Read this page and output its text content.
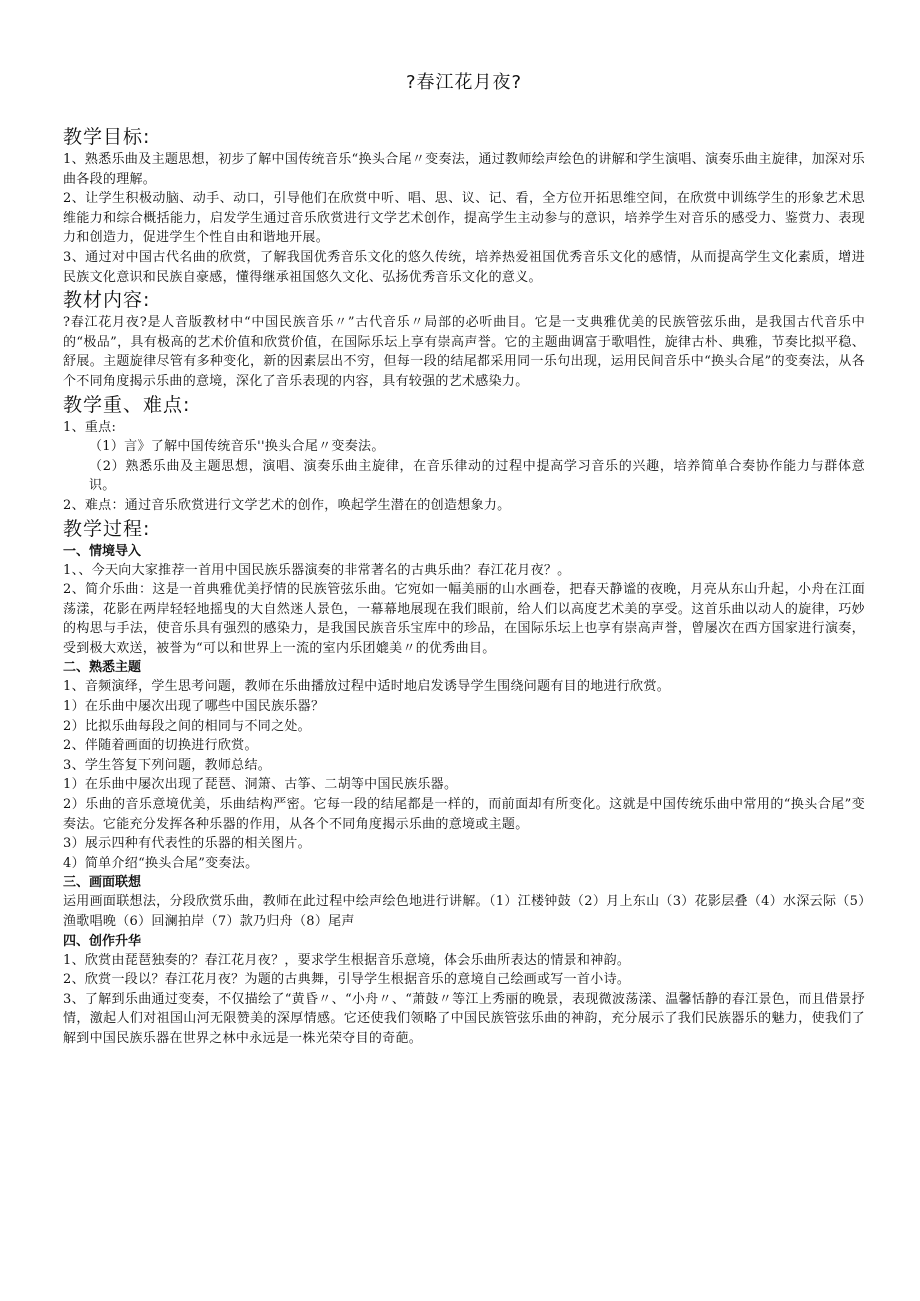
?春江花月夜?
教学目标:
1、熟悉乐曲及主题思想，初步了解中国传统音乐“换头合尾〃变奏法，通过教师绘声绘色的讲解和学生演唱、演奏乐曲主旋律，加深对乐曲各段的理解。
2、让学生积极动脑、动手、动口，引导他们在欣赏中听、唱、思、议、记、看，全方位开拓思维空间，在欣赏中训练学生的形象艺术思维能力和综合概括能力，启发学生通过音乐欣赏进行文学艺术创作，提高学生主动参与的意识，培养学生对音乐的感受力、鉴赏力、表现力和创造力，促进学生个性自由和谐地开展。
3、通过对中国古代名曲的欣赏，了解我国优秀音乐文化的悠久传统，培养热爱祖国优秀音乐文化的感情，从而提高学生文化素质，增进民族文化意识和民族自豪感，懂得继承祖国悠久文化、弘扬优秀音乐文化的意义。
教材内容:
?春江花月夜?是人音版教材中“中国民族音乐〃”古代音乐〃局部的必听曲目。它是一支典雅优美的民族管弦乐曲，是我国古代音乐中的“极品”，具有极高的艺术价值和欣赏价值，在国际乐坛上享有崇高声誉。它的主题曲调富于歌唱性，旋律古朴、典雅，节奏比拟平稳、舒展。主题旋律尽管有多种变化，新的因素层出不穷，但每一段的结尾都采用同一乐句出现，运用民间音乐中“换头合尾”的变奏法，从各个不同角度揭示乐曲的意境，深化了音乐表现的内容，具有较强的艺术感染力。
教学重、难点:
1、重点:
（1）言》了解中国传统音乐''换头合尾〃变奏法。
（2）熟悉乐曲及主题思想，演唱、演奏乐曲主旋律，在音乐律动的过程中提高学习音乐的兴趣，培养简单合奏协作能力与群体意识。
2、难点：通过音乐欣赏进行文学艺术的创作，唤起学生潜在的创造想象力。
教学过程:
一、情境导入
1、、今天向大家推荐一首用中国民族乐器演奏的非常著名的古典乐曲？春江花月夜？。
2、简介乐曲：这是一首典雅优美抒情的民族管弦乐曲。它宛如一幅美丽的山水画卷，把春天静谧的夜晚，月亮从东山升起，小舟在江面荡漾，花影在两岸轻轻地摇曳的大自然迷人景色，一幕幕地展现在我们眼前，给人们以高度艺术美的享受。这首乐曲以动人的旋律，巧妙的构思与手法，使音乐具有强烈的感染力，是我国民族音乐宝库中的珍品，在国际乐坛上也享有崇高声誉，曾屡次在西方国家进行演奏，受到极大欢送，被誉为“可以和世界上一流的室内乐团媲美〃的优秀曲目。
二、熟悉主题
1、音频演绎，学生思考问题，教师在乐曲播放过程中适时地启发诱导学生围绕问题有目的地进行欣赏。
1）在乐曲中屡次出现了哪些中国民族乐器？
2）比拟乐曲每段之间的相同与不同之处。
2、伴随着画面的切换进行欣赏。
3、学生答复下列问题，教师总结。
1）在乐曲中屡次出现了琵琶、洞箫、古筝、二胡等中国民族乐器。
2）乐曲的音乐意境优美，乐曲结构严密。它每一段的结尾都是一样的，而前面却有所变化。这就是中国传统乐曲中常用的“换头合尾”变奏法。它能充分发挥各种乐器的作用，从各个不同角度揭示乐曲的意境或主题。
3）展示四种有代表性的乐器的相关图片。
4）简单介绍“换头合尾”变奏法。
三、画面联想
运用画面联想法，分段欣赏乐曲，教师在此过程中绘声绘色地进行讲解。（1）江楼钟鼓（2）月上东山（3）花影层叠（4）水深云际（5）渔歌唱晚（6）回澜拍岸（7）款乃归舟（8）尾声
四、创作升华
1、欣赏由琵琶独奏的？春江花月夜？，要求学生根据音乐意境，体会乐曲所表达的情景和神韵。
2、欣赏一段以？春江花月夜？为题的古典舞，引导学生根据音乐的意境自己绘画或写一首小诗。
3、了解到乐曲通过变奏，不仅描绘了“黄昏〃、“小舟〃、“萧鼓〃等江上秀丽的晚景，表现微波荡漾、温馨恬静的春江景色，而且借景抒情，激起人们对祖国山河无限赞美的深厚情感。它还使我们领略了中国民族管弦乐曲的神韵，充分展示了我们民族器乐的魅力，使我们了解到中国民族乐器在世界之林中永远是一株光荣夺目的奇葩。
